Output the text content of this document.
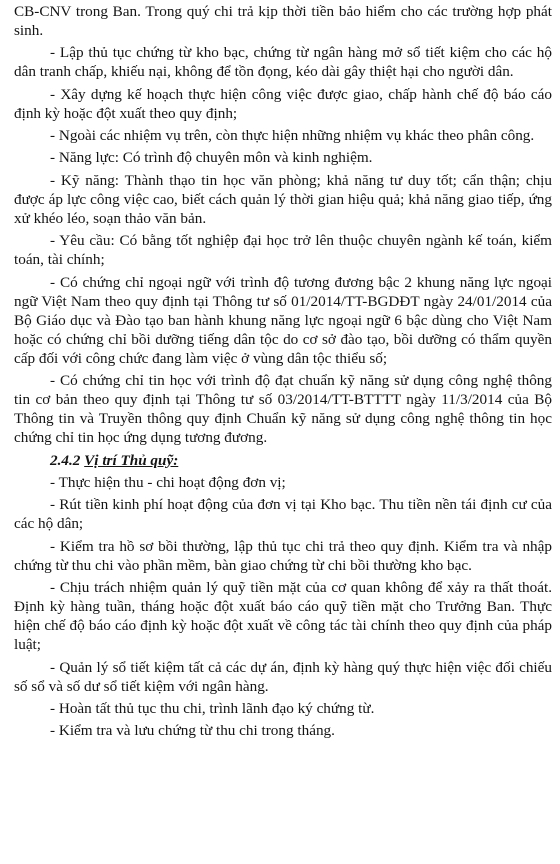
CB-CNV trong Ban. Trong quý chi trả kịp thời tiền bảo hiểm cho các trường hợp phát sinh.

- Lập thủ tục chứng từ kho bạc, chứng từ ngân hàng mở sổ tiết kiệm cho các hộ dân tranh chấp, khiếu nại, không để tồn đọng, kéo dài gây thiệt hại cho người dân.

- Xây dựng kế hoạch thực hiện công việc được giao, chấp hành chế độ báo cáo định kỳ hoặc đột xuất theo quy định;

- Ngoài các nhiệm vụ trên, còn thực hiện những nhiệm vụ khác theo phân công.

- Năng lực: Có trình độ chuyên môn và kinh nghiệm.

- Kỹ năng: Thành thạo tin học văn phòng; khả năng tư duy tốt; cẩn thận; chịu được áp lực công việc cao, biết cách quản lý thời gian hiệu quả; khả năng giao tiếp, ứng xử khéo léo, soạn thảo văn bản.

- Yêu cầu: Có bằng tốt nghiệp đại học trở lên thuộc chuyên ngành kế toán, kiểm toán, tài chính;

- Có chứng chỉ ngoại ngữ với trình độ tương đương bậc 2 khung năng lực ngoại ngữ Việt Nam theo quy định tại Thông tư số 01/2014/TT-BGDĐT ngày 24/01/2014 của Bộ Giáo dục và Đào tạo ban hành khung năng lực ngoại ngữ 6 bậc dùng cho Việt Nam hoặc có chứng chỉ bồi dưỡng tiếng dân tộc do cơ sở đào tạo, bồi dưỡng có thẩm quyền cấp đối với công chức đang làm việc ở vùng dân tộc thiểu số;

- Có chứng chỉ tin học với trình độ đạt chuẩn kỹ năng sử dụng công nghệ thông tin cơ bản theo quy định tại Thông tư số 03/2014/TT-BTTTT ngày 11/3/2014 của Bộ Thông tin và Truyền thông quy định Chuẩn kỹ năng sử dụng công nghệ thông tin học chứng chỉ tin học ứng dụng tương đương.

2.4.2 Vị trí Thủ quỹ:

- Thực hiện thu - chi hoạt động đơn vị;

- Rút tiền kinh phí hoạt động của đơn vị tại Kho bạc. Thu tiền nền tái định cư của các hộ dân;

- Kiểm tra hồ sơ bồi thường, lập thủ tục chi trả theo quy định. Kiểm tra và nhập chứng từ thu chi vào phần mềm, bàn giao chứng từ chi bồi thường kho bạc.

- Chịu trách nhiệm quản lý quỹ tiền mặt của cơ quan không để xảy ra thất thoát. Định kỳ hàng tuần, tháng hoặc đột xuất báo cáo quỹ tiền mặt cho Trưởng Ban. Thực hiện chế độ báo cáo định kỳ hoặc đột xuất về công tác tài chính theo quy định của pháp luật;

- Quản lý sổ tiết kiệm tất cả các dự án, định kỳ hàng quý thực hiện việc đối chiếu số sổ và số dư sổ tiết kiệm với ngân hàng.

- Hoàn tất thủ tục thu chi, trình lãnh đạo ký chứng từ.

- Kiểm tra và lưu chứng từ thu chi trong tháng.
